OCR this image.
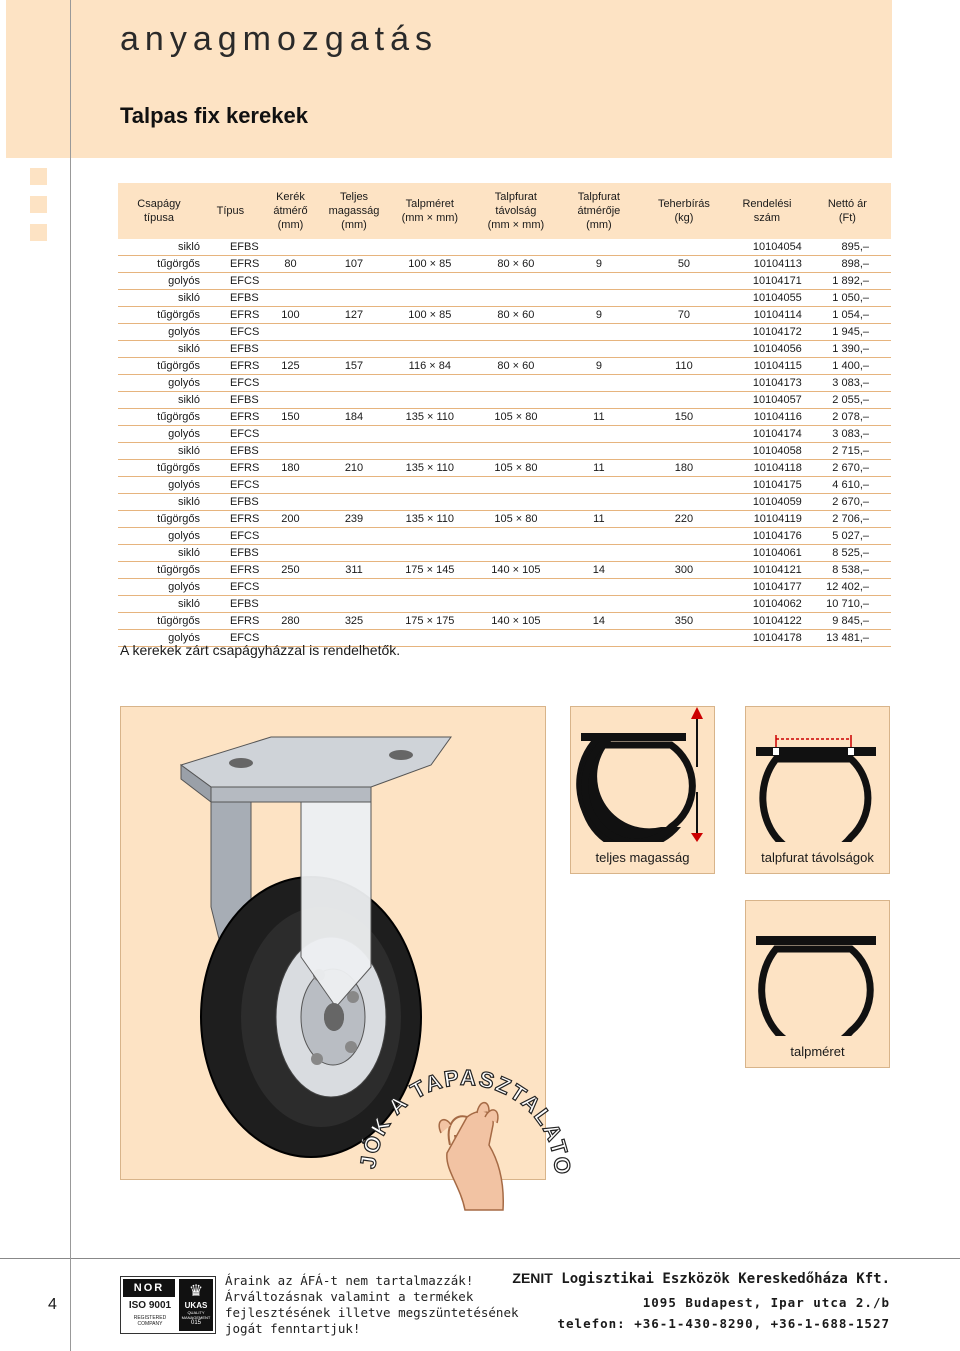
anyagmozgatás
Talpas fix kerekek
Csapágy
típusa	Típus	Kerék
átmérő
(mm)	Teljes
magasság
(mm)	Talpméret
(mm × mm)	Talpfurat
távolság
(mm × mm)	Talpfurat
átmérője
(mm)	Teherbírás
(kg)	Rendelési
szám	Nettó ár
(Ft)
sikló	EFBS							10104054	895,–
tűgörgős	EFRS	80	107	100 × 85	80 × 60	9	50	10104113	898,–
golyós	EFCS							10104171	1 892,–
sikló	EFBS							10104055	1 050,–
tűgörgős	EFRS	100	127	100 × 85	80 × 60	9	70	10104114	1 054,–
golyós	EFCS							10104172	1 945,–
sikló	EFBS							10104056	1 390,–
tűgörgős	EFRS	125	157	116 × 84	80 × 60	9	110	10104115	1 400,–
golyós	EFCS							10104173	3 083,–
sikló	EFBS							10104057	2 055,–
tűgörgős	EFRS	150	184	135 × 110	105 × 80	11	150	10104116	2 078,–
golyós	EFCS							10104174	3 083,–
sikló	EFBS							10104058	2 715,–
tűgörgős	EFRS	180	210	135 × 110	105 × 80	11	180	10104118	2 670,–
golyós	EFCS							10104175	4 610,–
sikló	EFBS							10104059	2 670,–
tűgörgős	EFRS	200	239	135 × 110	105 × 80	11	220	10104119	2 706,–
golyós	EFCS							10104176	5 027,–
sikló	EFBS							10104061	8 525,–
tűgörgős	EFRS	250	311	175 × 145	140 × 105	14	300	10104121	8 538,–
golyós	EFCS							10104177	12 402,–
sikló	EFBS							10104062	10 710,–
tűgörgős	EFRS	280	325	175 × 175	140 × 105	14	350	10104122	9 845,–
golyós	EFCS							10104178	13 481,–
A kerekek zárt csapágyházzal is rendelhetők.
teljes magasság	talpfurat távolságok
talpméret
JÓK A TAPASZTALATO
4
NOR
ISO 9001
REGISTERED COMPANY
♛
UKAS
QUALITY MANAGEMENT
015
Áraink az ÁFÁ-t nem tartalmazzák!
Árváltozásnak valamint a termékek
fejlesztésének illetve megszüntetésének
jogát fenntartjuk!
ZENIT Logisztikai Eszközök Kereskedőháza Kft.
1095 Budapest, Ipar utca 2./b
telefon: +36-1-430-8290, +36-1-688-1527
